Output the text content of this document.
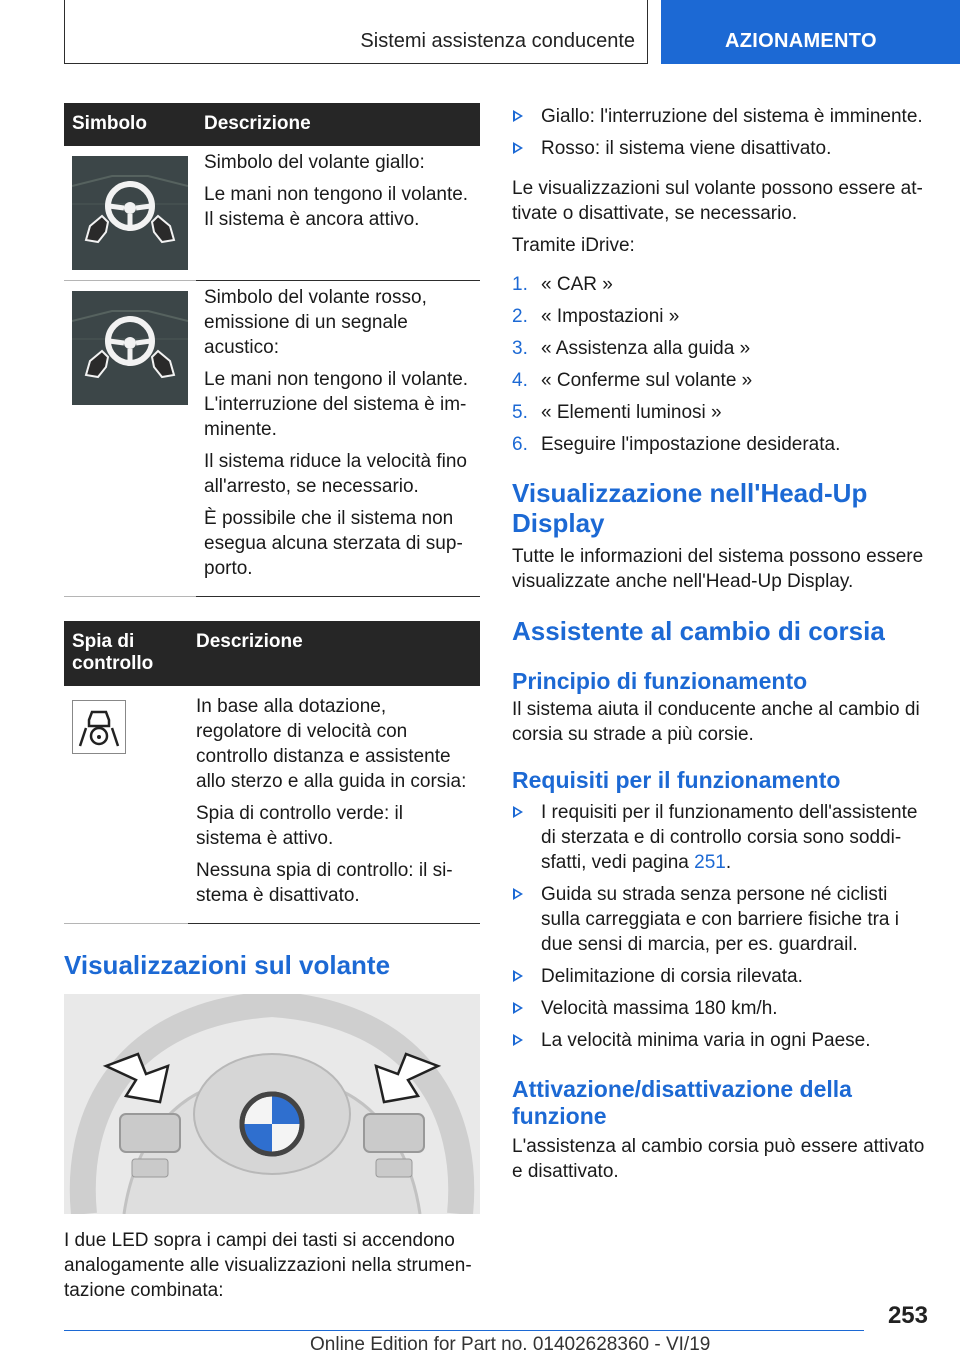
Sistemi assistenza conducente	AZIONAMENTO
Simbolo	Descrizione

Simbolo del volante giallo:

Le mani non tengono il volante. Il sistema è ancora attivo.

Simbolo del volante rosso, emissione di un segnale acustico:

Le mani non tengono il volante. L'interruzione del sistema è imminente.

Il sistema riduce la velocità fino all'arresto, se necessario.

È possibile che il sistema non esegua alcuna sterzata di supporto.

Spia di controllo	Descrizione

In base alla dotazione, regolatore di velocità con controllo distanza e assistente allo sterzo e alla guida in corsia:

Spia di controllo verde: il sistema è attivo.

Nessuna spia di controllo: il sistema è disattivato.

Visualizzazioni sul volante

I due LED sopra i campi dei tasti si accendono analogamente alle visualizzazioni nella strumentazione combinata:

Giallo: l'interruzione del sistema è imminente.
Rosso: il sistema viene disattivato.

Le visualizzazioni sul volante possono essere attivate o disattivate, se necessario.

Tramite iDrive:

1. « CAR »
2. « Impostazioni »
3. « Assistenza alla guida »
4. « Conferme sul volante »
5. « Elementi luminosi »
6. Eseguire l'impostazione desiderata.
Visualizzazione nell'Head-Up Display

Tutte le informazioni del sistema possono essere visualizzate anche nell'Head-Up Display.

Assistente al cambio di corsia
Principio di funzionamento

Il sistema aiuta il conducente anche al cambio di corsia su strade a più corsie.

Requisiti per il funzionamento
I requisiti per il funzionamento dell'assistente di sterzata e di controllo corsia sono soddisfatti, vedi pagina 251.
Guida su strada senza persone né ciclisti sulla carreggiata e con barriere fisiche tra i due sensi di marcia, per es. guardrail.
Delimitazione di corsia rilevata.
Velocità massima 180 km/h.
La velocità minima varia in ogni Paese.
Attivazione/disattivazione della funzione

L'assistenza al cambio corsia può essere attivato e disattivato.

253
Online Edition for Part no. 01402628360 - VI/19
